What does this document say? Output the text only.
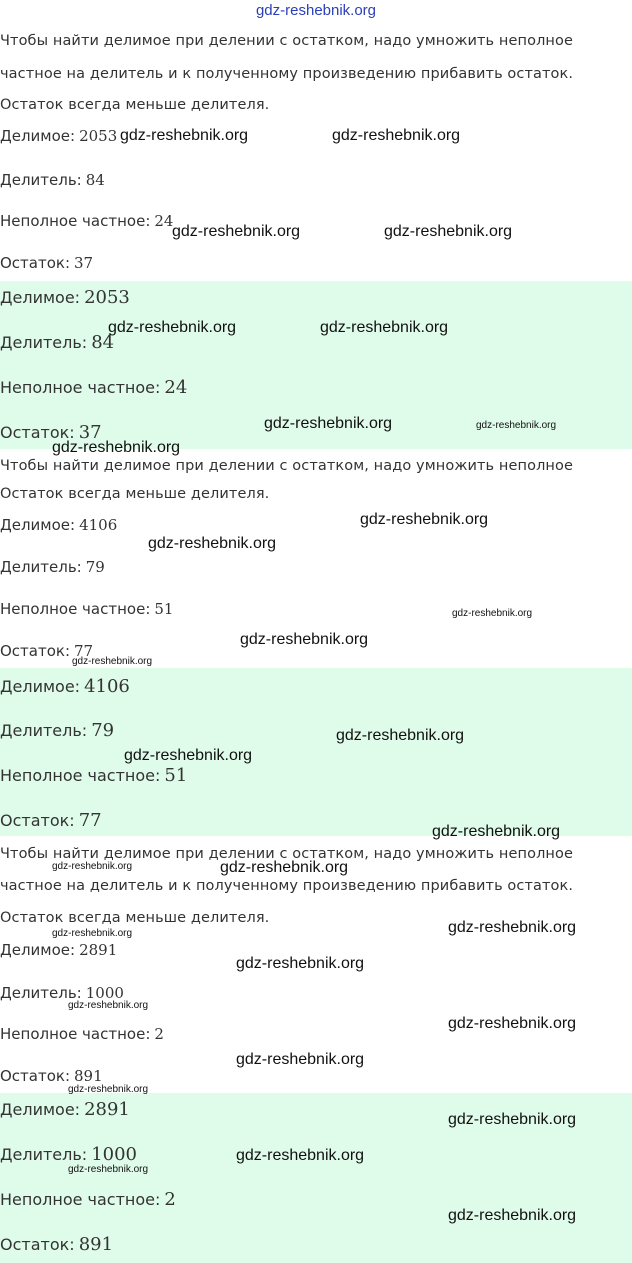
gdz-reshebnik.org
Чтобы найти делимое при делении с остатком, надо умножить неполное
частное на делитель и к полученному произведению прибавить остаток.
Остаток всегда меньше делителя.
Делимое: 2053
Делитель: 84
Неполное частное: 24
Остаток: 37
Делимое: 2053
Делитель: 84
Неполное частное: 24
Остаток: 37
Чтобы найти делимое при делении с остатком, надо умножить неполное
Остаток всегда меньше делителя.
Делимое: 4106
Делитель: 79
Неполное частное: 51
Остаток: 77
Делимое: 4106
Делитель: 79
Неполное частное: 51
Остаток: 77
Чтобы найти делимое при делении с остатком, надо умножить неполное
частное на делитель и к полученному произведению прибавить остаток.
Остаток всегда меньше делителя.
Делимое: 2891
Делитель: 1000
Неполное частное: 2
Остаток: 891
Делимое: 2891
Делитель: 1000
Неполное частное: 2
Остаток: 891
gdz-reshebnik.org	gdz-reshebnik.org
gdz-reshebnik.org	gdz-reshebnik.org
gdz-reshebnik.org	gdz-reshebnik.org
gdz-reshebnik.org	gdz-reshebnik.org
gdz-reshebnik.org
gdz-reshebnik.org
gdz-reshebnik.org
gdz-reshebnik.org
gdz-reshebnik.org
gdz-reshebnik.org
gdz-reshebnik.org
gdz-reshebnik.org
gdz-reshebnik.org
gdz-reshebnik.org	gdz-reshebnik.org
gdz-reshebnik.org	gdz-reshebnik.org
gdz-reshebnik.org
gdz-reshebnik.org
gdz-reshebnik.org
gdz-reshebnik.org
gdz-reshebnik.org
gdz-reshebnik.org
gdz-reshebnik.org
gdz-reshebnik.org
gdz-reshebnik.org
